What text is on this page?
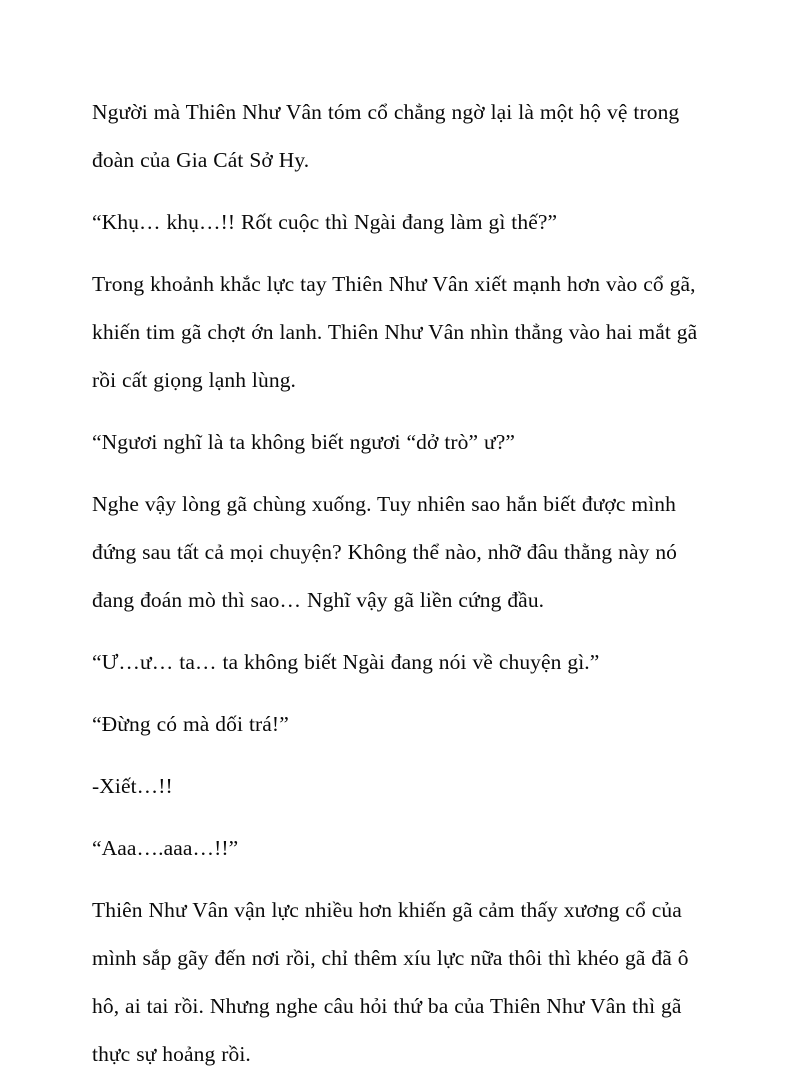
Người mà Thiên Như Vân tóm cổ chẳng ngờ lại là một hộ vệ trong đoàn của Gia Cát Sở Hy.

“Khụ… khụ…!! Rốt cuộc thì Ngài đang làm gì thế?”

Trong khoảnh khắc lực tay Thiên Như Vân xiết mạnh hơn vào cổ gã, khiến tim gã chợt ớn lanh. Thiên Như Vân nhìn thẳng vào hai mắt gã rồi cất giọng lạnh lùng.

“Ngươi nghĩ là ta không biết ngươi “dở trò” ư?”

Nghe vậy lòng gã chùng xuống. Tuy nhiên sao hắn biết được mình đứng sau tất cả mọi chuyện? Không thể nào, nhỡ đâu thằng này nó đang đoán mò thì sao… Nghĩ vậy gã liền cứng đầu.

“Ư…ư… ta… ta không biết Ngài đang nói về chuyện gì.”

“Đừng có mà dối trá!”

-Xiết…!!

“Aaa….aaa…!!”

Thiên Như Vân vận lực nhiều hơn khiến gã cảm thấy xương cổ của mình sắp gãy đến nơi rồi, chỉ thêm xíu lực nữa thôi thì khéo gã đã ô hô, ai tai rồi. Nhưng nghe câu hỏi thứ ba của Thiên Như Vân thì gã thực sự hoảng rồi.
